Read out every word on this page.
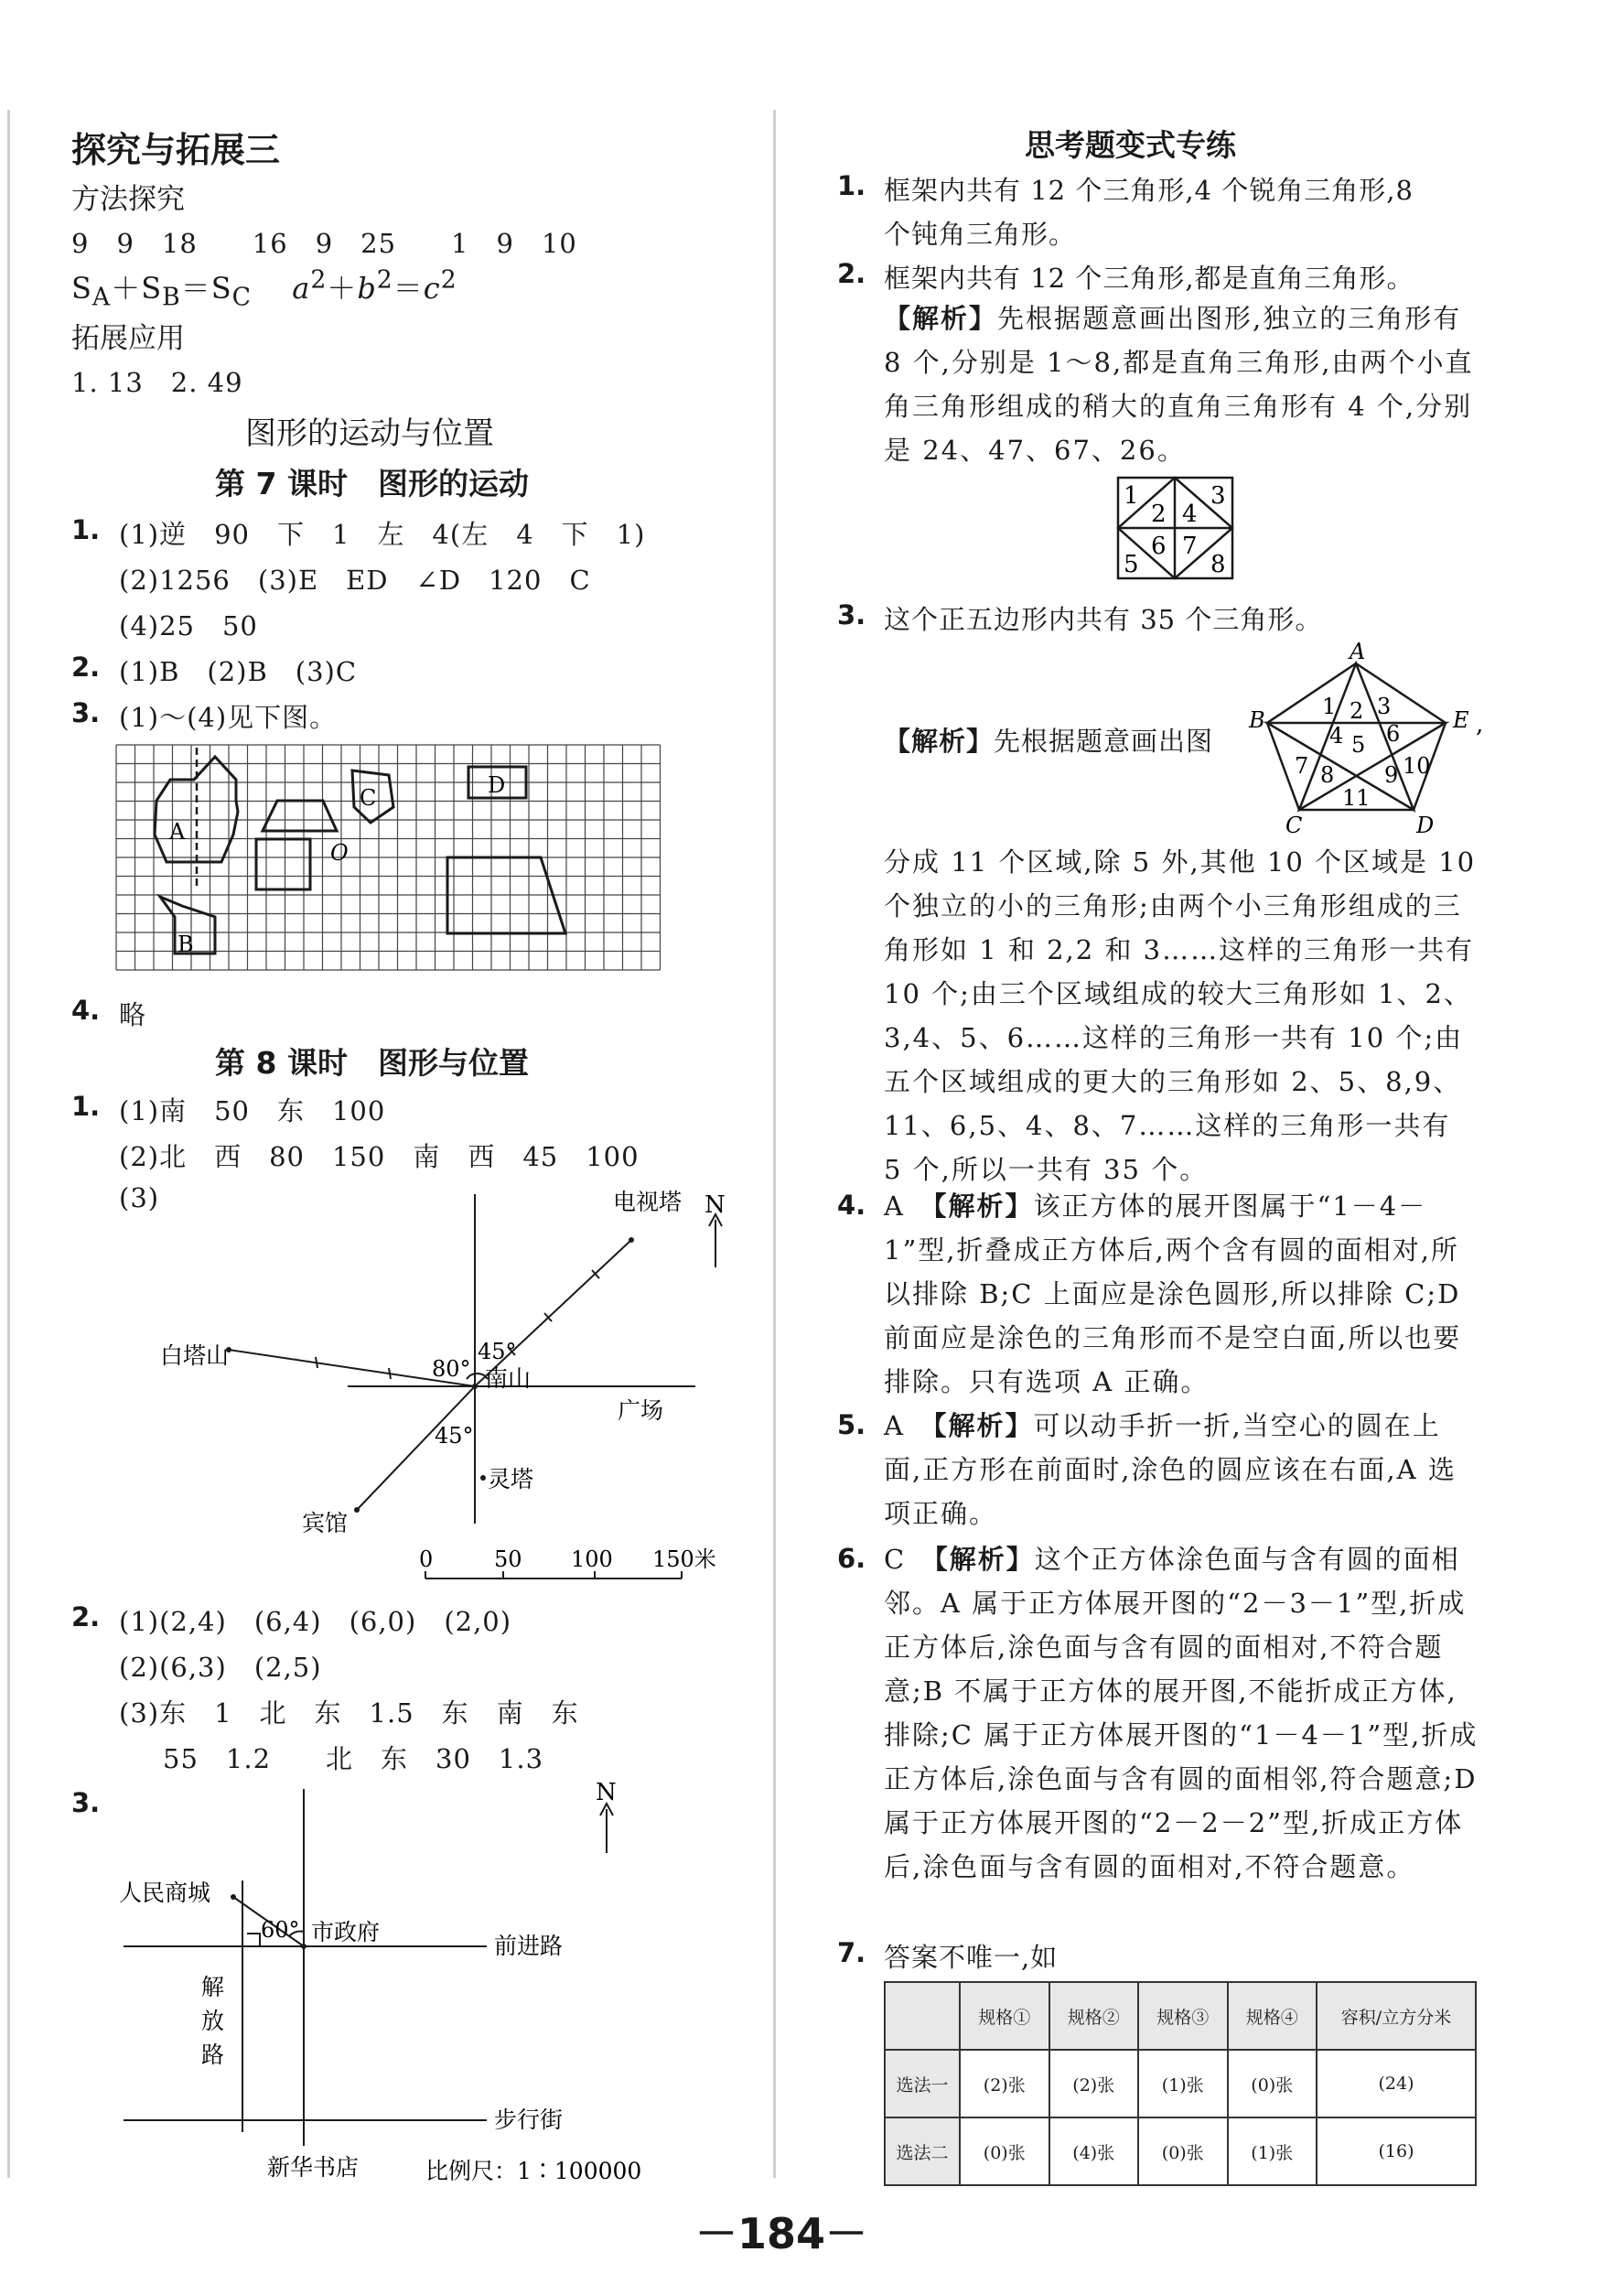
探究与拓展三
方法探究
9　9　18　　16　9　25　　1　9　10
$S_A+S_B=S_C$　 $a^2+b^2=c^2$
拓展应用
1. 13　2. 49
图形的运动与位置
第 7 课时　图形的运动
1. (1)逆　90　下　1　左　4(左　4　下　1)
(2)1256　(3)E　ED　∠D　120　C
(4)25　50
2. (1)B　(2)B　(3)C
3. (1)～(4)见下图。
A
B
C	D
O
4. 略
第 8 课时　图形与位置
1. (1)南　50　东　100
(2)北　西　80　150　南　西　45　100
(3)	电视塔 N
白塔山	80°
45°
南山
广场
45°
灵塔
宾馆
0	50 100 150米
2. (1)(2,4)　(6,4)　(6,0)　(2,0)
(2)(6,3)　(2,5)
(3)东　1　北　东　1.5　东　南　东
55　1.2　　北　东　30　1.3
3.	N
人民商城
60° 市政府
前进路
解
放
路
步行街
新华书店	比例尺：1∶100000
思考题变式专练
1. 框架内共有 12 个三角形,4 个锐角三角形,8
个钝角三角形。
2. 框架内共有 12 个三角形,都是直角三角形。
【解析】先根据题意画出图形,独立的三角形有 8 个,分别是 1～8,都是直角三角形,由两个小直角三角形组成的稍大的直角三角形有 4 个,分别是 24、47、67、26。
1
2
3
4
5
6 7
8
3. 这个正五边形内共有 35 个三角形。
【解析】先根据题意画出图
A
B
C	D
E ,
1 2 3
4 5 6
7 8 9 10
11
分成 11 个区域,除 5 外,其他 10 个区域是 10 个独立的小的三角形;由两个小三角形组成的三角形如 1 和 2,2 和 3……这样的三角形一共有 10 个;由三个区域组成的较大三角形如 1、2、3,4、5、6……这样的三角形一共有 10 个;由五个区域组成的更大的三角形如 2、5、8,9、11、6,5、4、8、7……这样的三角形一共有 5 个,所以一共有 35 个。
4. A　 【解析】该正方体的展开图属于“1－4－1”型,折叠成正方体后,两个含有圆的面相对,所以排除 B;C 上面应是涂色圆形,所以排除 C;D 前面应是涂色的三角形而不是空白面,所以也要排除。只有选项 A 正确。
5. A　 【解析】可以动手折一折,当空心的圆在上面,正方形在前面时,涂色的圆应该在右面,A 选项正确。
6. C　 【解析】这个正方体涂色面与含有圆的面相邻。A 属于正方体展开图的“2－3－1”型,折成正方体后,涂色面与含有圆的面相对,不符合题意;B 不属于正方体的展开图,不能折成正方体,排除;C 属于正方体展开图的“1－4－1”型,折成正方体后,涂色面与含有圆的面相邻,符合题意;D 属于正方体展开图的“2－2－2”型,折成正方体后,涂色面与含有圆的面相对,不符合题意。
7. 答案不唯一,如
	规格①	规格②	规格③	规格④	容积/立方分米
选法一	(2)张	(2)张	(1)张	(0)张	(24)
选法二	(0)张	(4)张	(0)张	(1)张	(16)
－184－
